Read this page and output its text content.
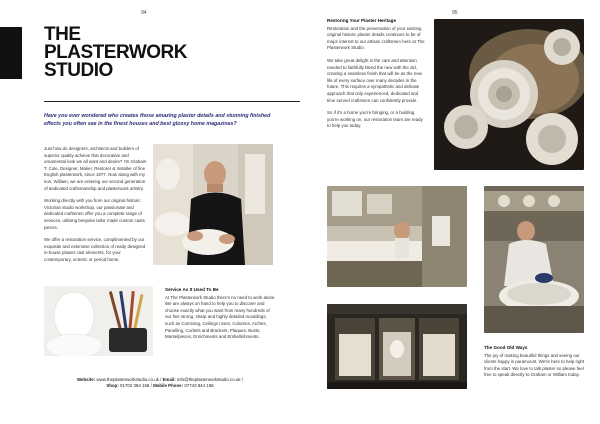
94	95
THE
PLASTERWORK
STUDIO
Have you ever wondered who creates those amazing plaster details and stunning finished effects you often see in the finest houses and best glossy home magazines?

Just how do designers, architects and builders of superior quality achieve that decorative and ornamental look we all want and desire? I'm Graham T. Cole, Designer, Maker, Restorer & Installer of fine English plasterwork, since 1977. Now along with my son, William, we are entering our second generation of dedicated craftsmanship and plasterwork artistry.

Working directly with you from our original historic Victorian studio workshop, our passionate and dedicated craftsmen offer you a complete range of services, utilising bespoke tailor made custom casts pieces.

We offer a restoration service, complimented by our exquisite and extensive collection of ready designed in-house plaster cast elements, for your contemporary, eclectic or period home.

Service As It Used To Be

At The Plasterwork Studio there's no need to work alone. We are always on hand to help you to discover and choose exactly what you want from many hundreds of our fine strong, sharp and highly detailed mouldings, such as Cornicing, Ceilings roses, Columns, Arches, Panelling, Corbels and Brackets, Plaques, Busts, Mantelpieces, Enrichments and Embellishments.

Website: www.theplasterworkstudio.co.uk / Email: info@theplasterworkstudio.co.uk /
Shop: 01702 394 158 / Mobile Phone: 07743 844 158
Restoring Your Plaster Heritage

Restoration and the preservation of your existing original historic plaster details continues to be of major interest to our artisan craftsmen here at The Plasterwork Studio.

We take great delight in the care and attention needed to faithfully blend the new with the old, creating a seamless finish that will be as the new life of every surface over many decades in the future. This requires a sympathetic and delicate approach that only experienced, dedicated and time served craftsmen can confidently provide.

So if it's a home you're bringing, or a building you're working on, our restoration team are ready to help you today.

The Good Old Ways

The joy of making beautiful things and seeing our clients happy is paramount. We're here to help right from the start. We love to talk plaster so please feel free to speak directly to Graham or William today.
